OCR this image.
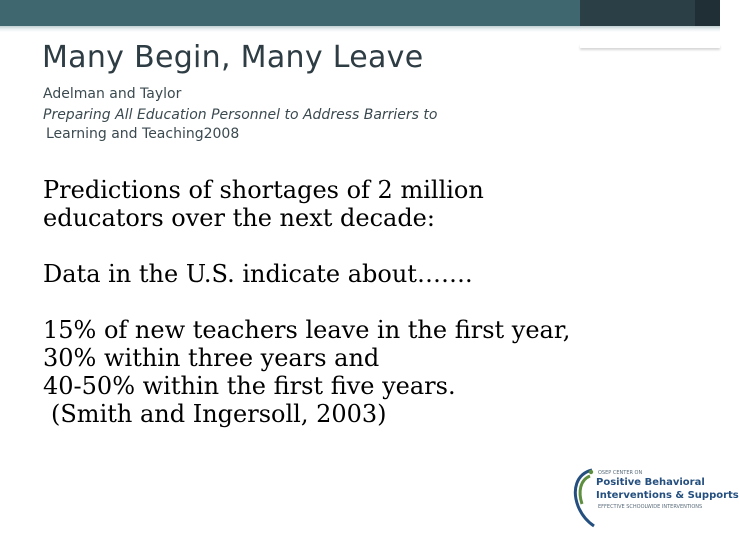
Many Begin, Many Leave
Adelman and Taylor
Preparing All Education Personnel to Address Barriers to
Learning and Teaching2008
Predictions of shortages of 2 million
educators over the next decade:
Data in the U.S. indicate about…….
15% of new teachers leave in the first year,
30% within three years and
40-50% within the first five years.
(Smith and Ingersoll, 2003)
OSEP CENTER ON
Positive Behavioral
Interventions & Supports
EFFECTIVE SCHOOLWIDE INTERVENTIONS
